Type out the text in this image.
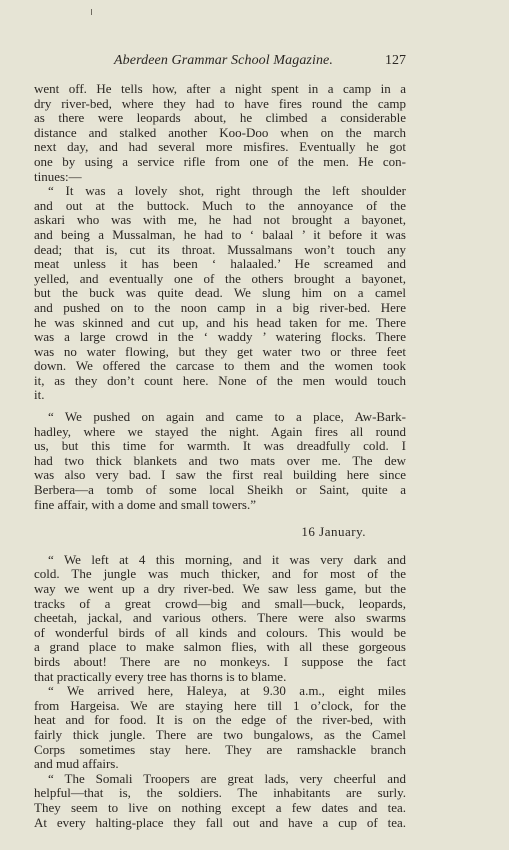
Aberdeen Grammar School Magazine.	127
went off. He tells how, after a night spent in a camp in a
dry river-bed, where they had to have fires round the camp
as there were leopards about, he climbed a considerable
distance and stalked another Koo-Doo when on the march
next day, and had several more misfires. Eventually he got
one by using a service rifle from one of the men. He con-
tinues:—
“ It was a lovely shot, right through the left shoulder
and out at the buttock. Much to the annoyance of the
askari who was with me, he had not brought a bayonet,
and being a Mussalman, he had to ‘ balaal ’ it before it was
dead; that is, cut its throat. Mussalmans won’t touch any
meat unless it has been ‘ halaaled.’ He screamed and
yelled, and eventually one of the others brought a bayonet,
but the buck was quite dead. We slung him on a camel
and pushed on to the noon camp in a big river-bed. Here
he was skinned and cut up, and his head taken for me. There
was a large crowd in the ‘ waddy ’ watering flocks. There
was no water flowing, but they get water two or three feet
down. We offered the carcase to them and the women took
it, as they don’t count here. None of the men would touch
it.
“ We pushed on again and came to a place, Aw-Bark-
hadley, where we stayed the night. Again fires all round
us, but this time for warmth. It was dreadfully cold. I
had two thick blankets and two mats over me. The dew
was also very bad. I saw the first real building here since
Berbera—a tomb of some local Sheikh or Saint, quite a
fine affair, with a dome and small towers.”
16 January.
“ We left at 4 this morning, and it was very dark and
cold. The jungle was much thicker, and for most of the
way we went up a dry river-bed. We saw less game, but the
tracks of a great crowd—big and small—buck, leopards,
cheetah, jackal, and various others. There were also swarms
of wonderful birds of all kinds and colours. This would be
a grand place to make salmon flies, with all these gorgeous
birds about! There are no monkeys. I suppose the fact
that practically every tree has thorns is to blame.
“ We arrived here, Haleya, at 9.30 a.m., eight miles
from Hargeisa. We are staying here till 1 o’clock, for the
heat and for food. It is on the edge of the river-bed, with
fairly thick jungle. There are two bungalows, as the Camel
Corps sometimes stay here. They are ramshackle branch
and mud affairs.
“ The Somali Troopers are great lads, very cheerful and
helpful—that is, the soldiers. The inhabitants are surly.
They seem to live on nothing except a few dates and tea.
At every halting-place they fall out and have a cup of tea.
